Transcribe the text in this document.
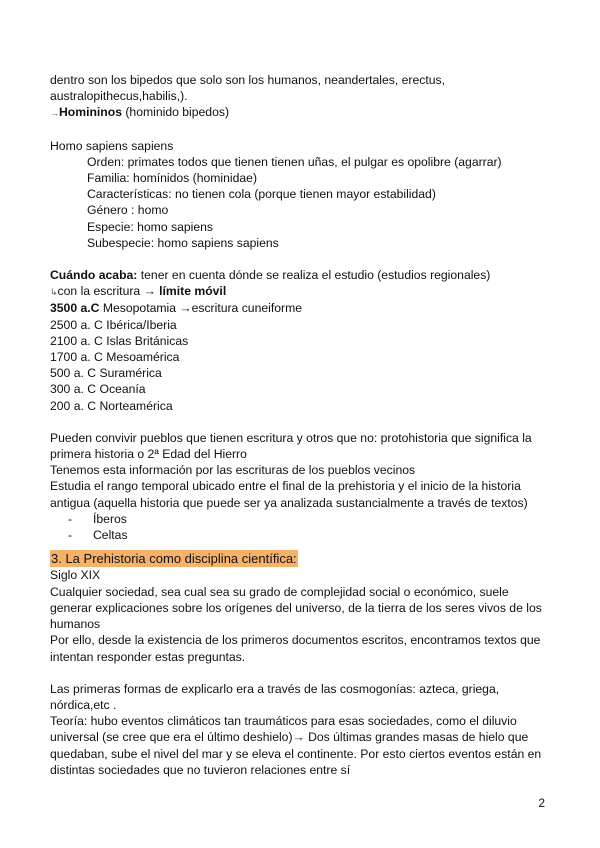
dentro son los bipedos que solo son los humanos, neandertales, erectus,
australopithecus,habilis,).
→Homininos (hominido bipedos)
Homo sapiens sapiens
Orden: primates todos que tienen tienen uñas, el pulgar es opolibre (agarrar)
Familia: homínidos (hominidae)
Características: no tienen cola (porque tienen mayor estabilidad)
Género : homo
Especie: homo sapiens
Subespecie: homo sapiens sapiens
Cuándo acaba: tener en cuenta dónde se realiza el estudio (estudios regionales)
↳con la escritura → límite móvil
3500 a.C Mesopotamia →escritura cuneiforme
2500 a. C Ibérica/Iberia
2100 a. C Islas Británicas
1700 a. C Mesoamérica
500 a. C Suramérica
300 a. C Oceanía
200 a. C Norteamérica
Pueden convivir pueblos que tienen escritura y otros que no: protohistoria que significa la primera historia o 2ª Edad del Hierro
Tenemos esta información por las escrituras de los pueblos vecinos
Estudia el rango temporal ubicado entre el final de la prehistoria y el inicio de la historia antigua (aquella historia que puede ser ya analizada sustancialmente a través de textos)
- Íberos
- Celtas
3. La Prehistoria como disciplina científica:
Siglo XIX
Cualquier sociedad, sea cual sea su grado de complejidad social o económico, suele generar explicaciones sobre los orígenes del universo, de la tierra de los seres vivos de los humanos
Por ello, desde la existencia de los primeros documentos escritos, encontramos textos que intentan responder estas preguntas.
Las primeras formas de explicarlo era a través de las cosmogonías: azteca, griega, nórdica,etc .
Teoría: hubo eventos climáticos tan traumáticos para esas sociedades, como el diluvio universal (se cree que era el último deshielo)→ Dos últimas grandes masas de hielo que quedaban, sube el nivel del mar y se eleva el continente. Por esto ciertos eventos están en distintas sociedades que no tuvieron relaciones entre sí
2
